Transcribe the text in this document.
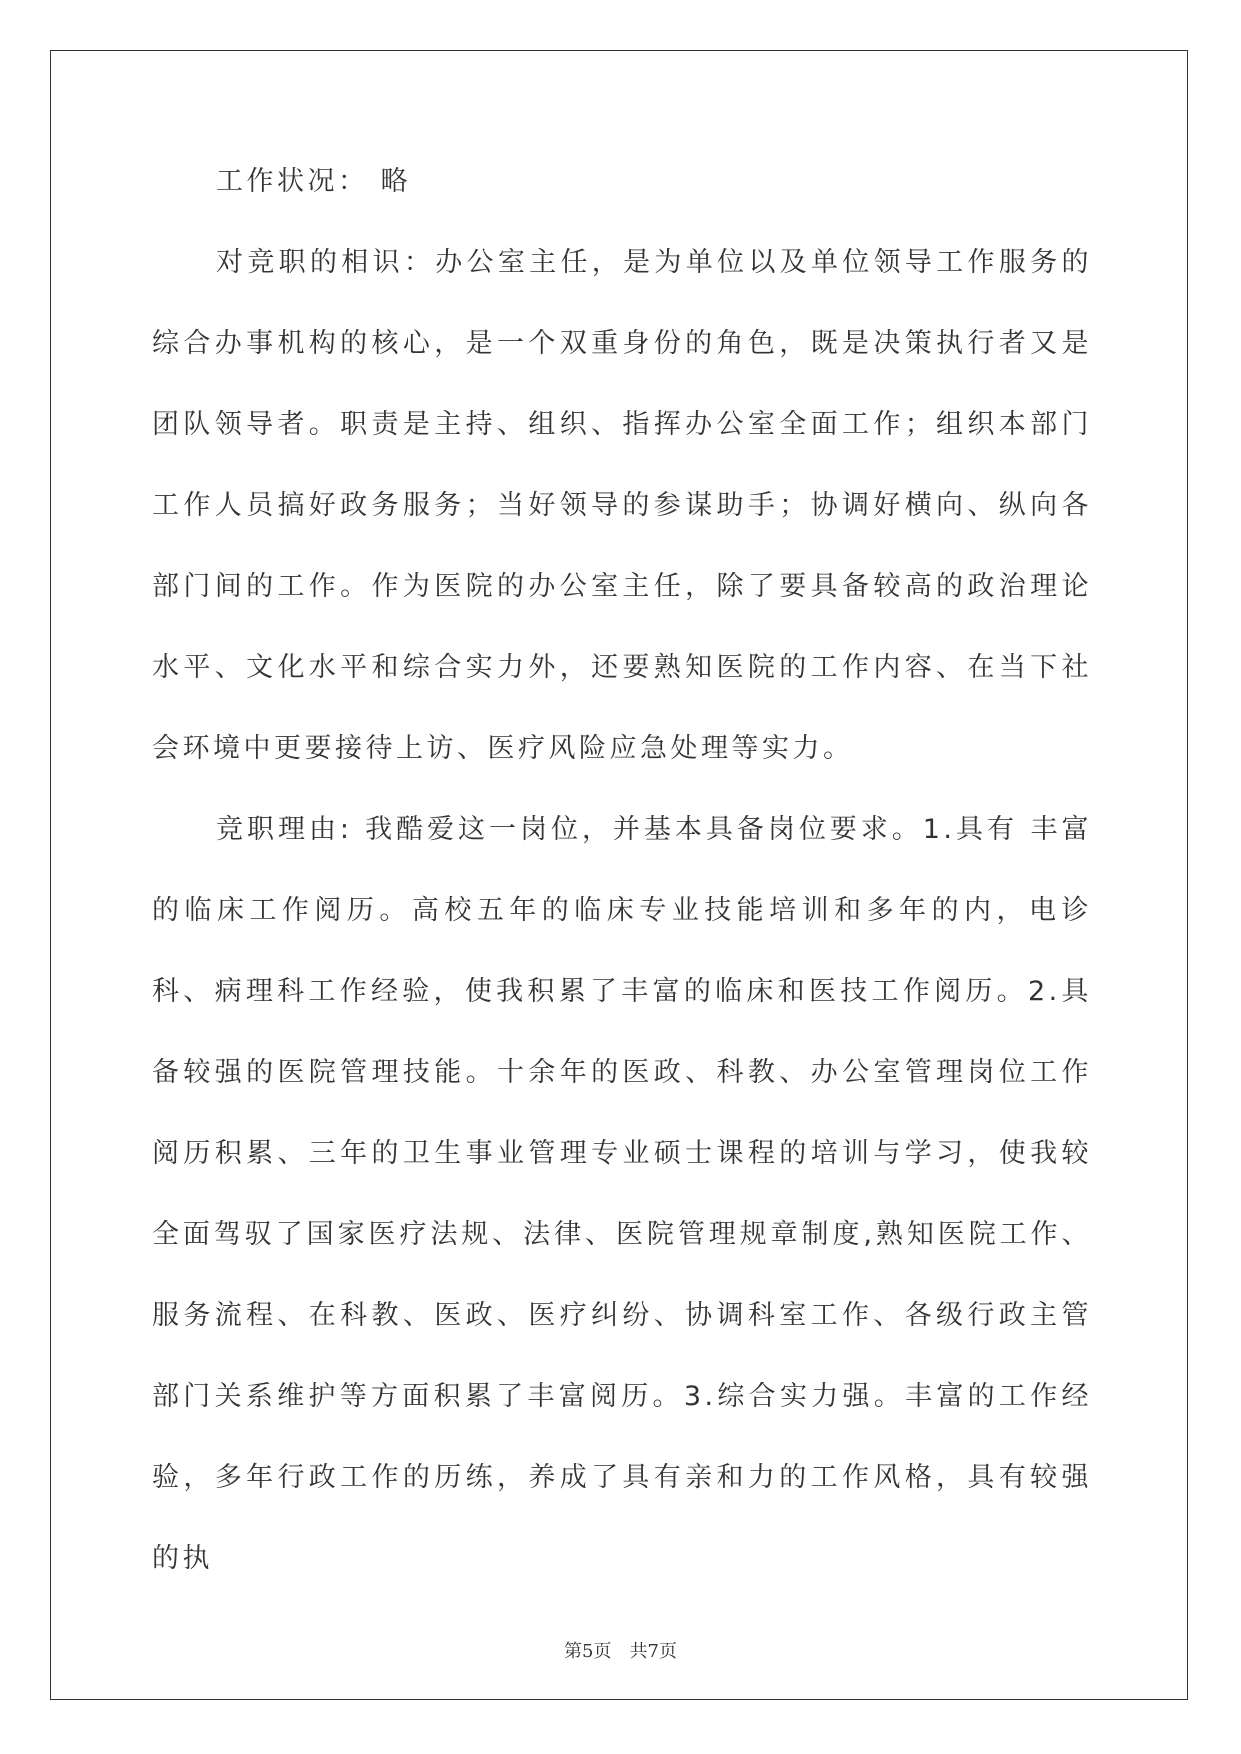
工作状况： 略

对竞职的相识：办公室主任，是为单位以及单位领导工作服务的综合办事机构的核心，是一个双重身份的角色，既是决策执行者又是团队领导者。职责是主持、组织、指挥办公室全面工作；组织本部门工作人员搞好政务服务；当好领导的参谋助手；协调好横向、纵向各部门间的工作。作为医院的办公室主任，除了要具备较高的政治理论水平、文化水平和综合实力外，还要熟知医院的工作内容、在当下社会环境中更要接待上访、医疗风险应急处理等实力。

竞职理由: 我酷爱这一岗位，并基本具备岗位要求。1.具有 丰富的临床工作阅历。高校五年的临床专业技能培训和多年的内，电诊科、病理科工作经验，使我积累了丰富的临床和医技工作阅历。2.具备较强的医院管理技能。十余年的医政、科教、办公室管理岗位工作阅历积累、三年的卫生事业管理专业硕士课程的培训与学习，使我较全面驾驭了国家医疗法规、法律、医院管理规章制度,熟知医院工作、服务流程、在科教、医政、医疗纠纷、协调科室工作、各级行政主管部门关系维护等方面积累了丰富阅历。3.综合实力强。丰富的工作经验，多年行政工作的历练，养成了具有亲和力的工作风格，具有较强的执

第5页 共7页
